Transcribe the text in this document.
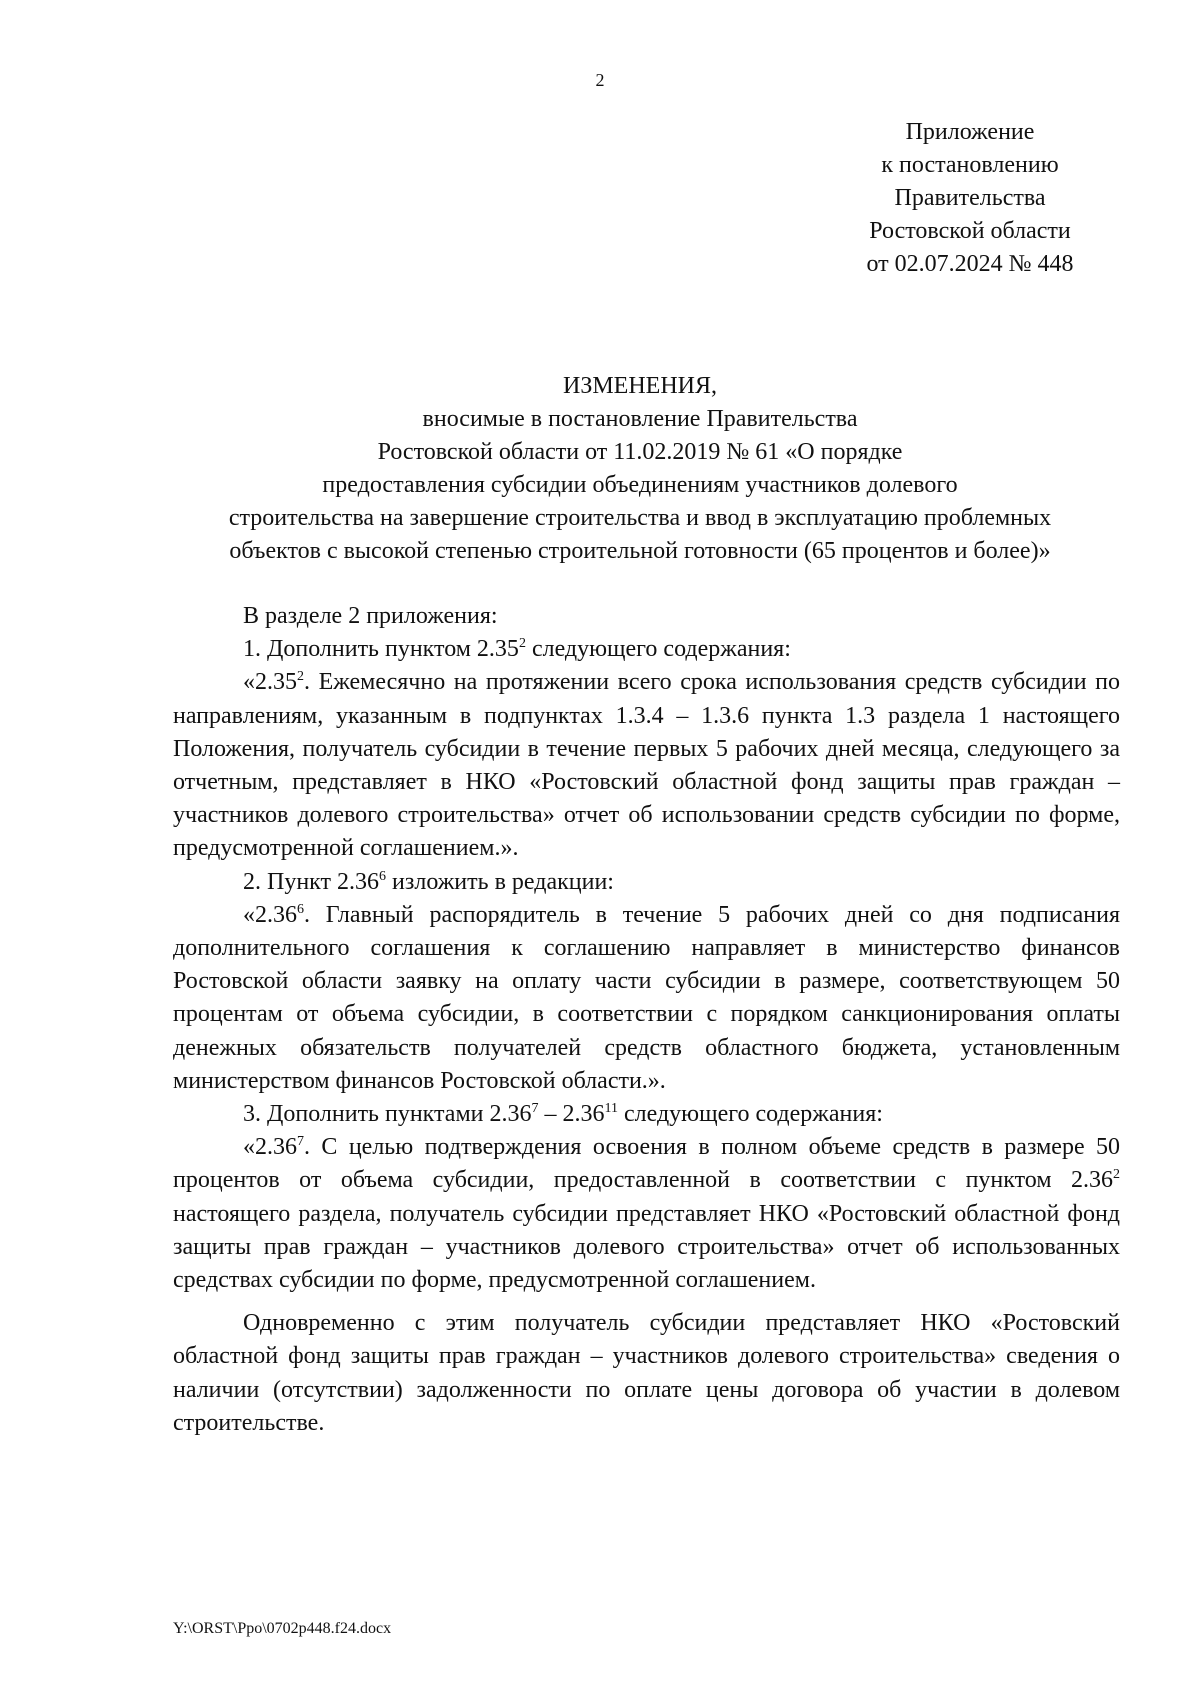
2
Приложение
к постановлению
Правительства
Ростовской области
от 02.07.2024 № 448
ИЗМЕНЕНИЯ,
вносимые в постановление Правительства
Ростовской области от 11.02.2019 № 61 «О порядке
предоставления субсидии объединениям участников долевого
строительства на завершение строительства и ввод в эксплуатацию проблемных
объектов с высокой степенью строительной готовности (65 процентов и более)»

В разделе 2 приложения:

1. Дополнить пунктом 2.35$^2$ следующего содержания:

«2.35$^2$. Ежемесячно на протяжении всего срока использования средств субсидии по направлениям, указанным в подпунктах 1.3.4 – 1.3.6 пункта 1.3 раздела 1 настоящего Положения, получатель субсидии в течение первых 5 рабочих дней месяца, следующего за отчетным, представляет в НКО «Ростовский областной фонд защиты прав граждан – участников долевого строительства» отчет об использовании средств субсидии по форме, предусмотренной соглашением.».

2. Пункт 2.36$^6$ изложить в редакции:

«2.36$^6$. Главный распорядитель в течение 5 рабочих дней со дня подписания дополнительного соглашения к соглашению направляет в министерство финансов Ростовской области заявку на оплату части субсидии в размере, соответствующем 50 процентам от объема субсидии, в соответствии с порядком санкционирования оплаты денежных обязательств получателей средств областного бюджета, установленным министерством финансов Ростовской области.».

3. Дополнить пунктами 2.36$^7$ – 2.36$^{11}$ следующего содержания:

«2.36$^7$. С целью подтверждения освоения в полном объеме средств в размере 50 процентов от объема субсидии, предоставленной в соответствии с пунктом 2.36$^2$ настоящего раздела, получатель субсидии представляет НКО «Ростовский областной фонд защиты прав граждан – участников долевого строительства» отчет об использованных средствах субсидии по форме, предусмотренной соглашением.

Одновременно с этим получатель субсидии представляет НКО «Ростовский областной фонд защиты прав граждан – участников долевого строительства» сведения о наличии (отсутствии) задолженности по оплате цены договора об участии в долевом строительстве.

Y:\ORST\Ppo\0702p448.f24.docx
